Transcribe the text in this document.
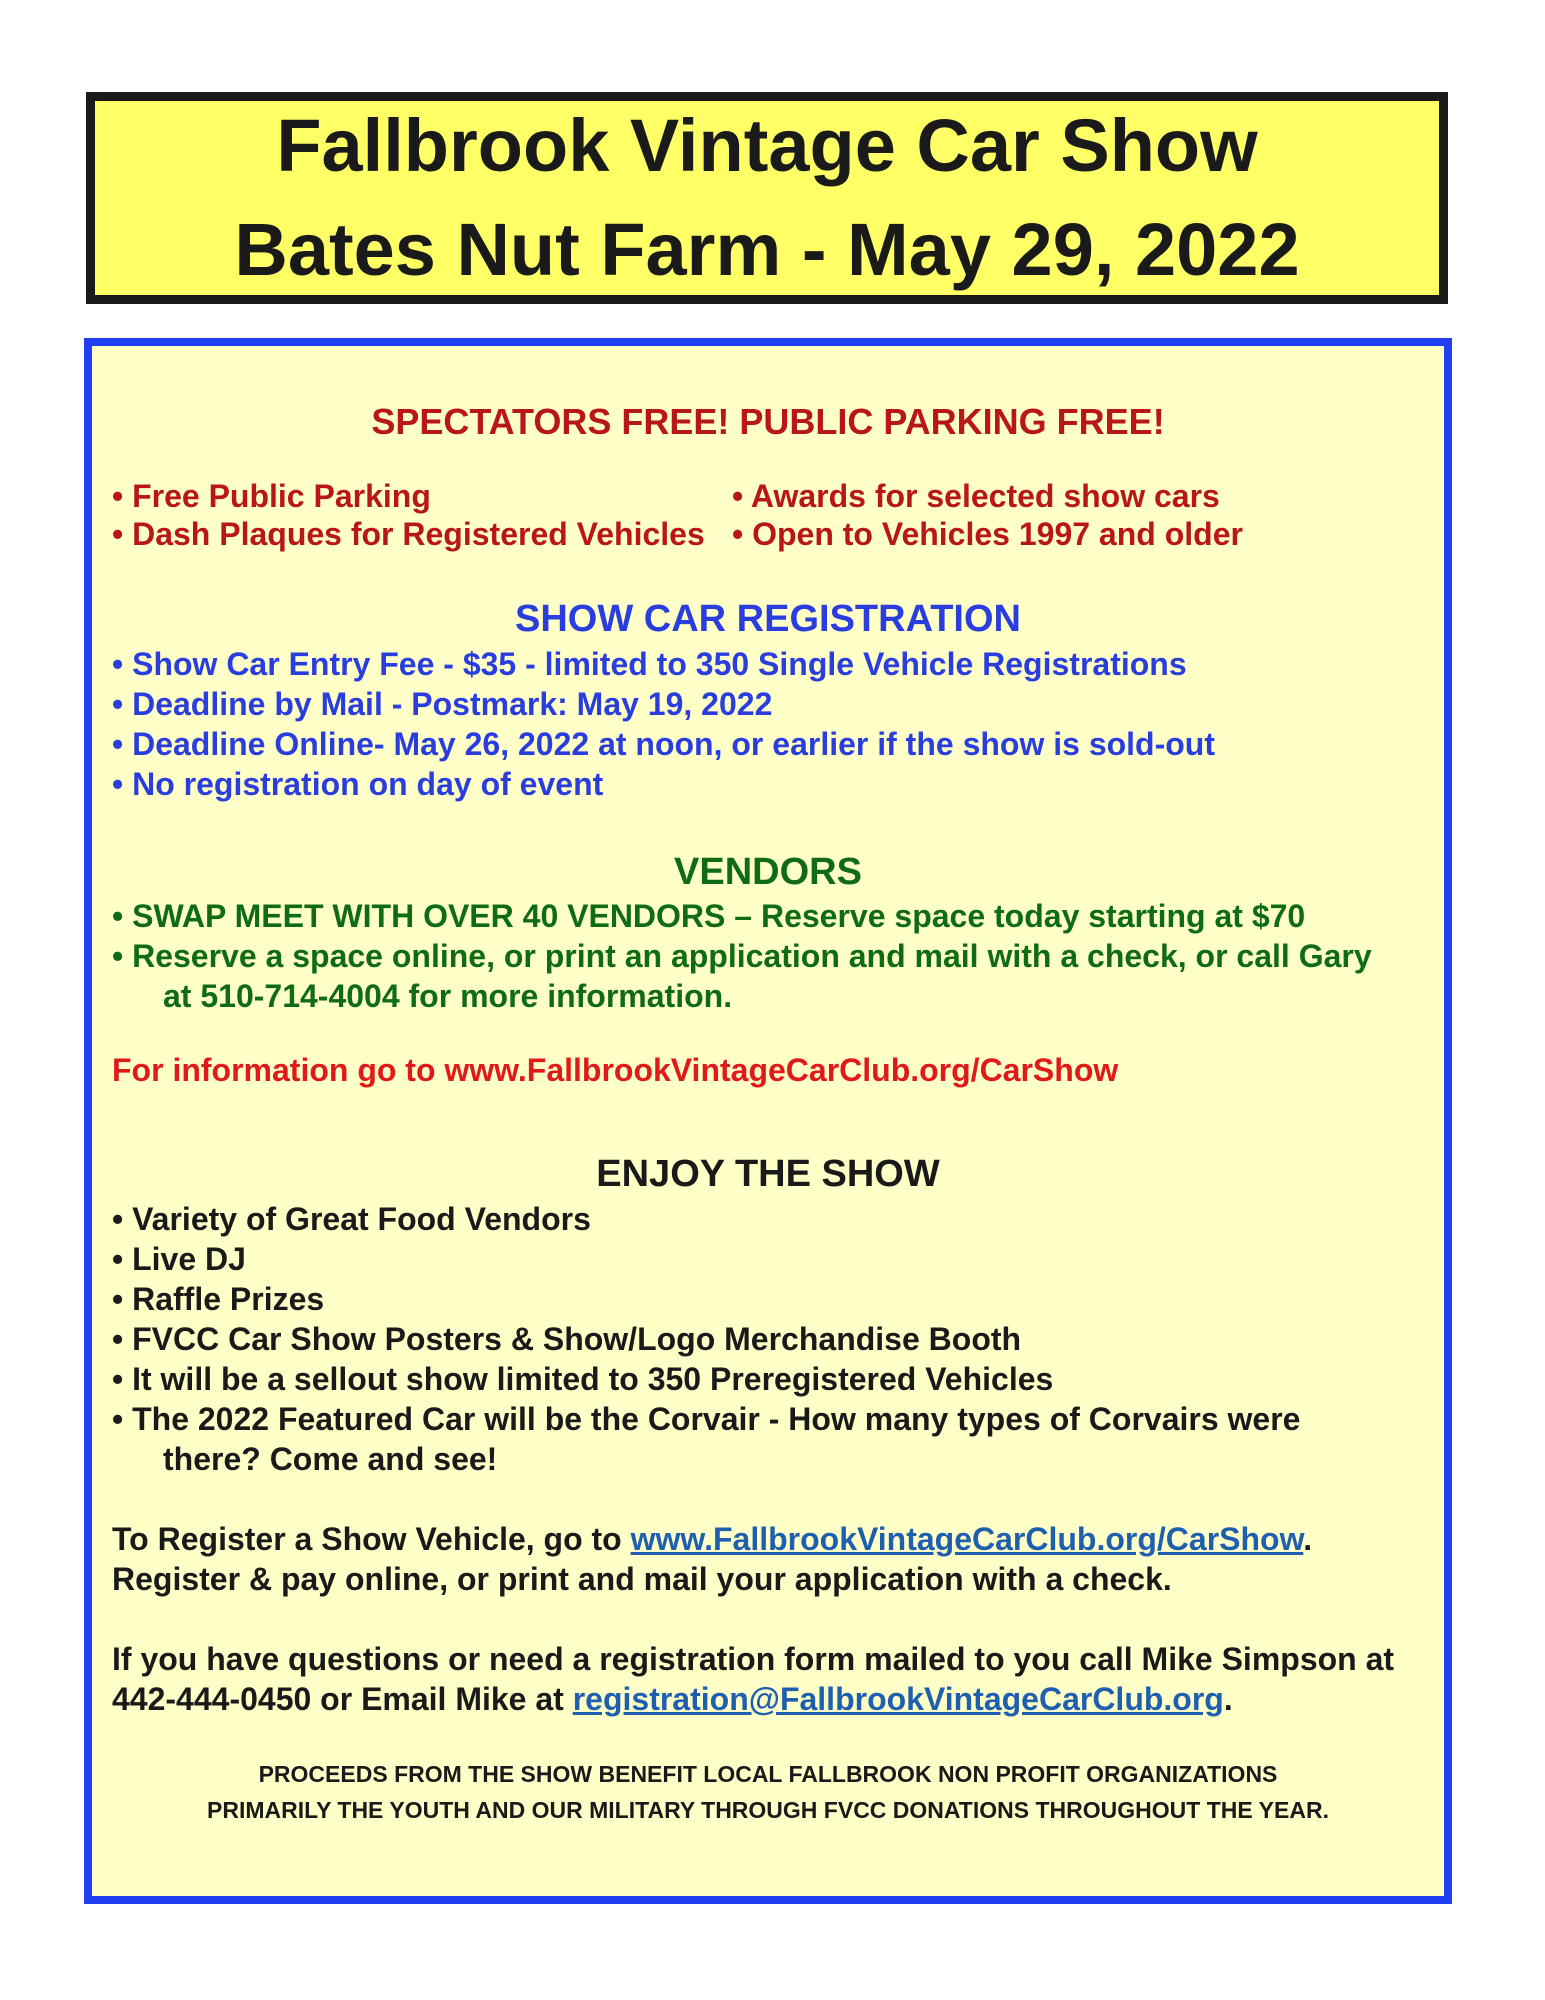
Fallbrook Vintage Car Show
Bates Nut Farm - May 29, 2022
SPECTATORS FREE! PUBLIC PARKING FREE!
• Free Public Parking
• Dash Plaques for Registered Vehicles
• Awards for selected show cars
• Open to Vehicles 1997 and older
SHOW CAR REGISTRATION
• Show Car Entry Fee - $35 - limited to 350 Single Vehicle Registrations
• Deadline by Mail - Postmark: May 19, 2022
• Deadline Online- May 26, 2022 at noon, or earlier if the show is sold-out
• No registration on day of event
VENDORS
• SWAP MEET WITH OVER 40 VENDORS – Reserve space today starting at $70
• Reserve a space online, or print an application and mail with a check, or call Gary
at 510-714-4004 for more information.
For information go to www.FallbrookVintageCarClub.org/CarShow
ENJOY THE SHOW
• Variety of Great Food Vendors
• Live DJ
• Raffle Prizes
• FVCC Car Show Posters & Show/Logo Merchandise Booth
• It will be a sellout show limited to 350 Preregistered Vehicles
• The 2022 Featured Car will be the Corvair - How many types of Corvairs were
there? Come and see!
To Register a Show Vehicle, go to www.FallbrookVintageCarClub.org/CarShow.
Register & pay online, or print and mail your application with a check.
If you have questions or need a registration form mailed to you call Mike Simpson at
442-444-0450 or Email Mike at registration@FallbrookVintageCarClub.org.
PROCEEDS FROM THE SHOW BENEFIT LOCAL FALLBROOK NON PROFIT ORGANIZATIONS
PRIMARILY THE YOUTH AND OUR MILITARY THROUGH FVCC DONATIONS THROUGHOUT THE YEAR.
